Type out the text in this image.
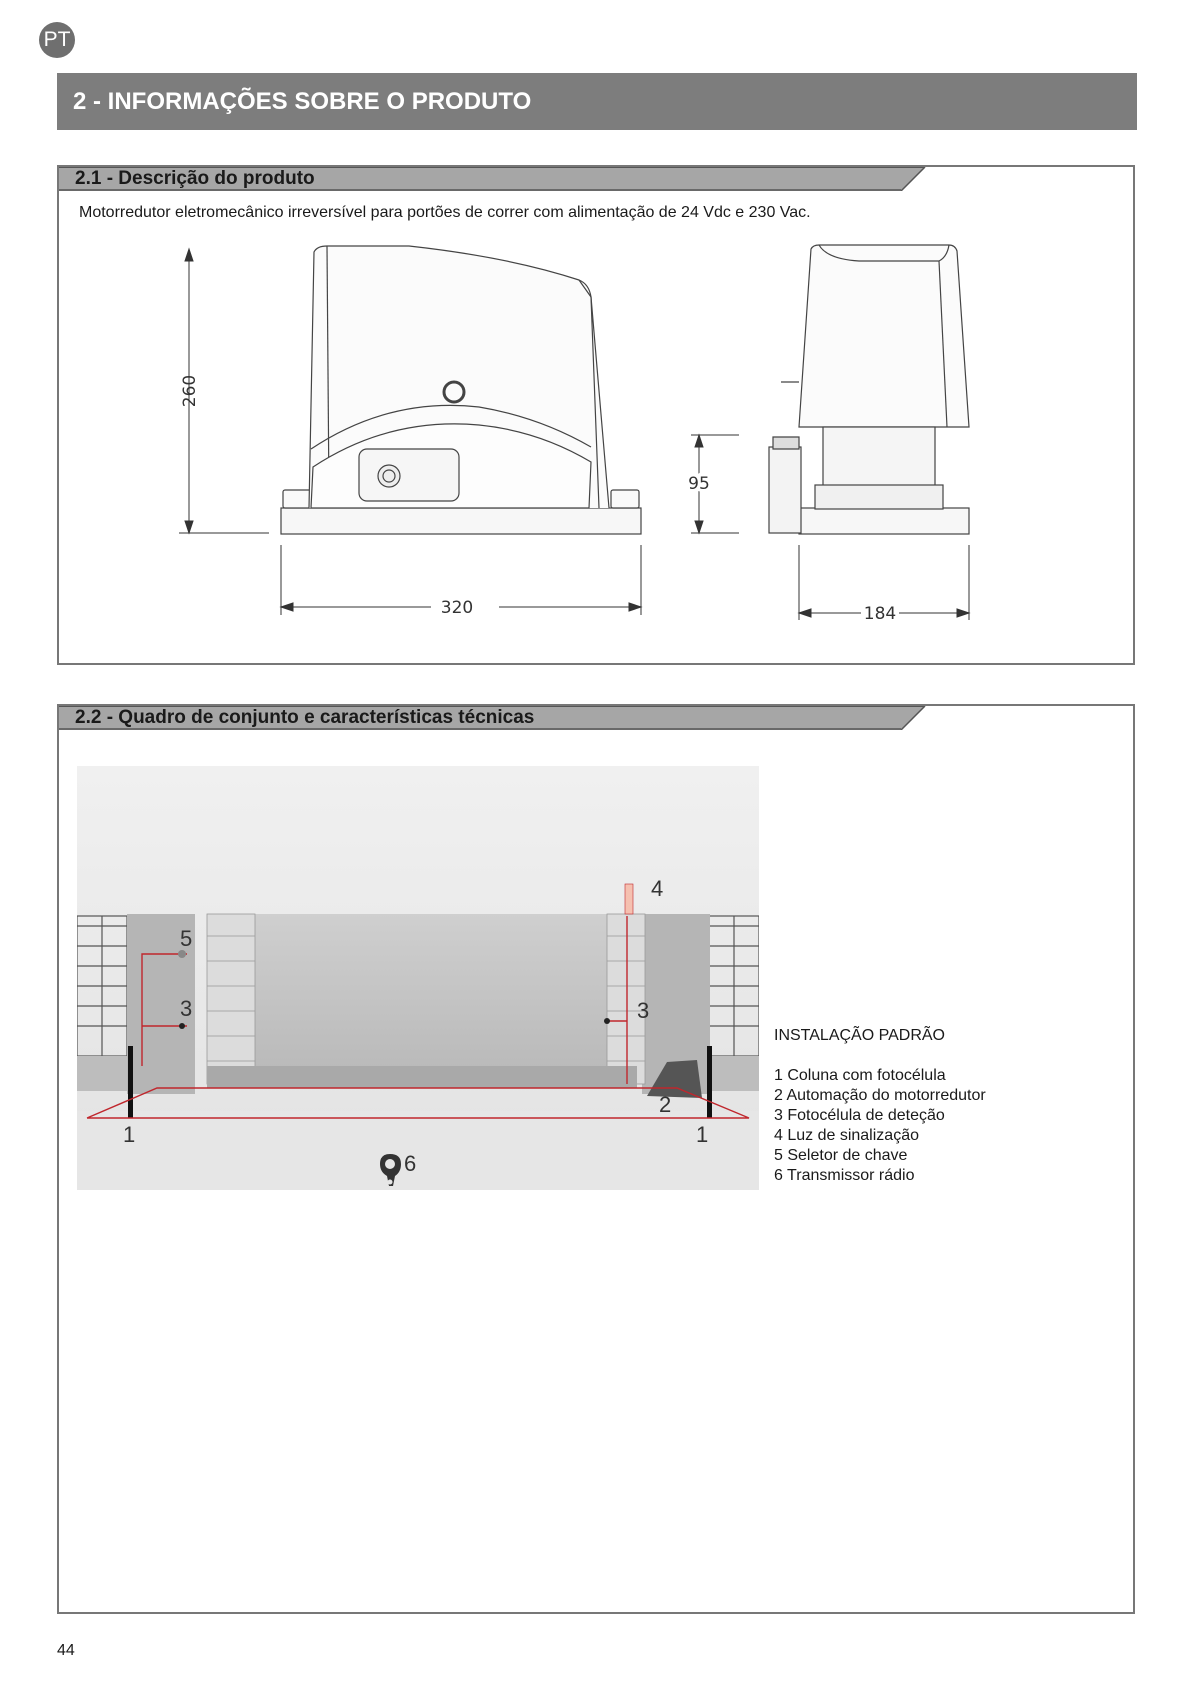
PT
2 - INFORMAÇÕES SOBRE O PRODUTO
2.1 - Descrição do produto
Motorredutor eletromecânico irreversível para portões de correr com alimentação de 24 Vdc e 230 Vac.
260
320
95
184
2.2 - Quadro de conjunto e características técnicas
1	1
2
3	3
4
5
6
INSTALAÇÃO PADRÃO
1 Coluna com fotocélula
2 Automação do motorredutor
3 Fotocélula de deteção
4 Luz de sinalização
5 Seletor de chave
6 Transmissor rádio
44
